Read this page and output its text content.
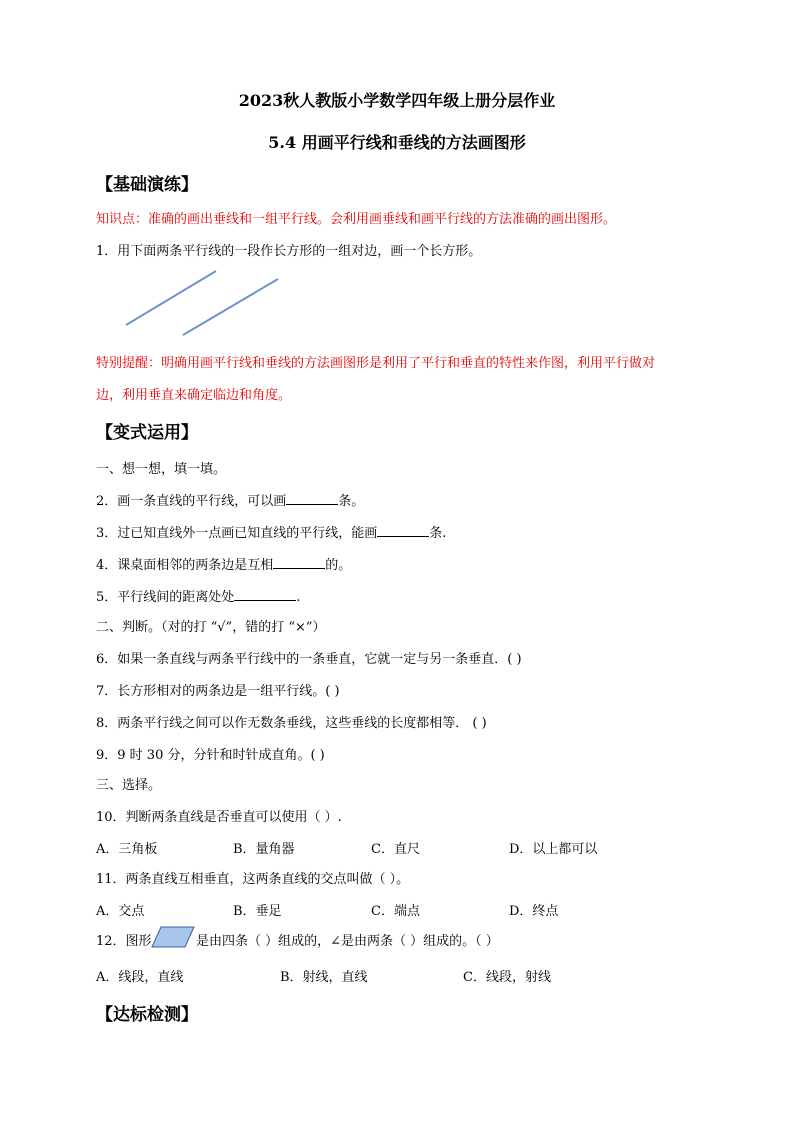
2023秋人教版小学数学四年级上册分层作业
5.4 用画平行线和垂线的方法画图形
【基础演练】
知识点：准确的画出垂线和一组平行线。会利用画垂线和画平行线的方法准确的画出图形。
1．用下面两条平行线的一段作长方形的一组对边，画一个长方形。
特别提醒：明确用画平行线和垂线的方法画图形是利用了平行和垂直的特性来作图，利用平行做对
边，利用垂直来确定临边和角度。
【变式运用】
一、想一想，填一填。
2．画一条直线的平行线，可以画	条。
3．过已知直线外一点画已知直线的平行线，能画	条.
4．课桌面相邻的两条边是互相	的。
5．平行线间的距离处处	.
二、判断。（对的打 “√”，错的打 “×”）
6．如果一条直线与两条平行线中的一条垂直，它就一定与另一条垂直．( )
7．长方形相对的两条边是一组平行线。( )
8．两条平行线之间可以作无数条垂线，这些垂线的长度都相等． ( )
9．9 时 30 分，分针和时针成直角。( )
三、选择。
10．判断两条直线是否垂直可以使用（ ）.
A．三角板	B．量角器	C．直尺	D．以上都可以
11．两条直线互相垂直，这两条直线的交点叫做（ ）。
A．交点	B．垂足	C．端点	D．终点
12．图形	是由四条（ ）组成的，∠是由两条（ ）组成的。（ ）
A．线段，直线	B．射线，直线	C．线段，射线
【达标检测】
